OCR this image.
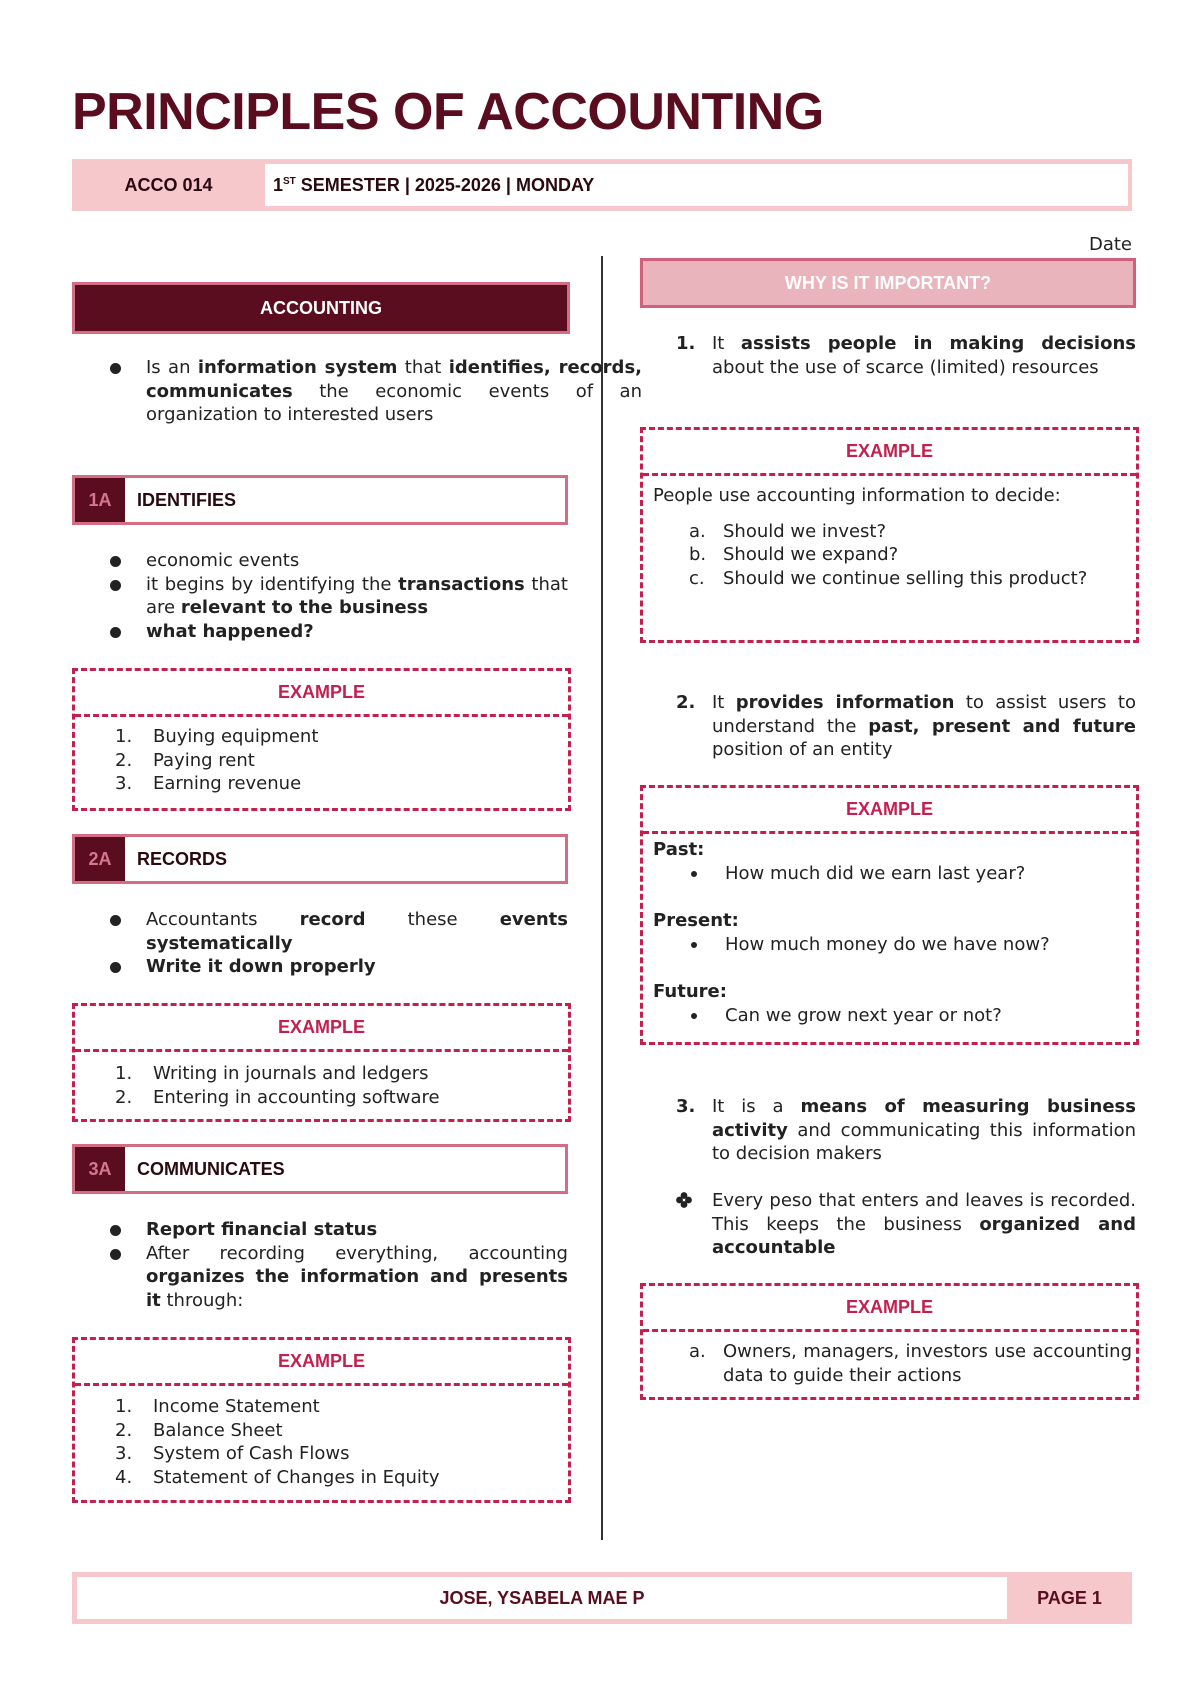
PRINCIPLES OF ACCOUNTING
ACCO 014	1ST SEMESTER | 2025-2026 | MONDAY
Date
ACCOUNTING
Is an information system that identifies, records, communicates the economic events of an organization to interested users
1A	IDENTIFIES
economic events
it begins by identifying the transactions that are relevant to the business
what happened?
EXAMPLE
1. Buying equipment
2. Paying rent
3. Earning revenue
2A	RECORDS
Accountants record these events systematically
Write it down properly
EXAMPLE
1. Writing in journals and ledgers
2. Entering in accounting software
3A	COMMUNICATES
Report financial status
After recording everything, accounting organizes the information and presents it through:
EXAMPLE
1. Income Statement
2. Balance Sheet
3. System of Cash Flows
4. Statement of Changes in Equity
WHY IS IT IMPORTANT?
1. It assists people in making decisions about the use of scarce (limited) resources
EXAMPLE
People use accounting information to decide:
a. Should we invest?
b. Should we expand?
c. Should we continue selling this product?
2. It provides information to assist users to understand the past, present and future position of an entity
EXAMPLE
Past:
How much did we earn last year?
Present:
How much money do we have now?
Future:
Can we grow next year or not?
3. It is a means of measuring business activity and communicating this information to decision makers
Every peso that enters and leaves is recorded. This keeps the business organized and accountable
EXAMPLE
a. Owners, managers, investors use accounting data to guide their actions
JOSE, YSABELA MAE P	PAGE 1
